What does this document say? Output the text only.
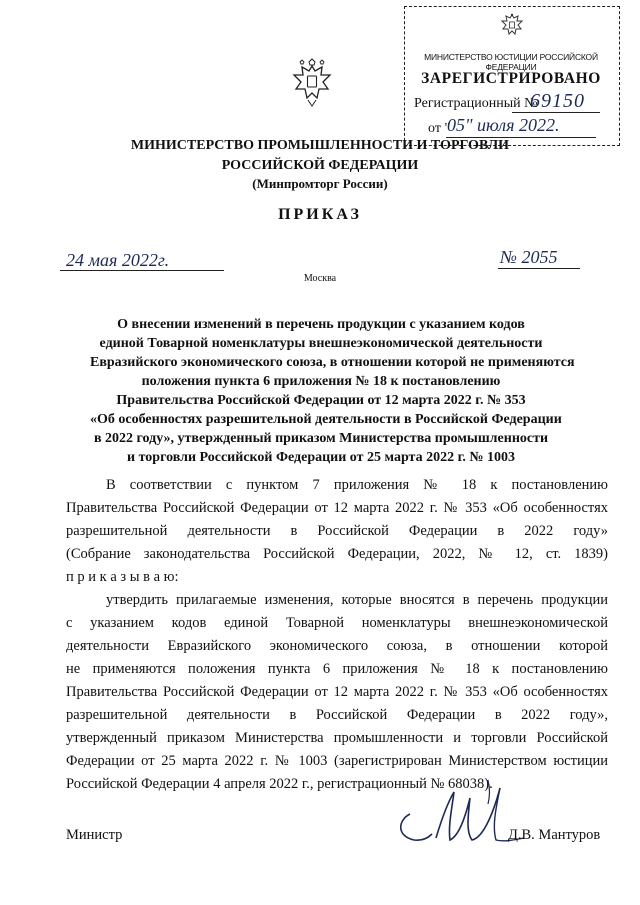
МИНИСТЕРСТВО ЮСТИЦИИ РОССИЙСКОЙ ФЕДЕРАЦИИ
ЗАРЕГИСТРИРОВАНО
Регистрационный №
69150
от "
05" июля 2022.
МИНИСТЕРСТВО ПРОМЫШЛЕННОСТИ И ТОРГОВЛИ
РОССИЙСКОЙ ФЕДЕРАЦИИ
(Минпромторг России)
ПРИКАЗ
24 мая 2022г.	№ 2055
Москва
О внесении изменений в перечень продукции с указанием кодов
единой Товарной номенклатуры внешнеэкономической деятельности
Евразийского экономического союза, в отношении которой не применяются
положения пункта 6 приложения № 18 к постановлению
Правительства Российской Федерации от 12 марта 2022 г. № 353
«Об особенностях разрешительной деятельности в Российской Федерации
в 2022 году», утвержденный приказом Министерства промышленности
и торговли Российской Федерации от 25 марта 2022 г. № 1003
В соответствии с пунктом 7 приложения № 18 к постановлению
Правительства Российской Федерации от 12 марта 2022 г. № 353 «Об особенностях
разрешительной деятельности в Российской Федерации в 2022 году»
(Собрание законодательства Российской Федерации, 2022, № 12, ст. 1839)
п р и к а з ы в а ю:
утвердить прилагаемые изменения, которые вносятся в перечень продукции
с указанием кодов единой Товарной номенклатуры внешнеэкономической
деятельности Евразийского экономического союза, в отношении которой
не применяются положения пункта 6 приложения № 18 к постановлению
Правительства Российской Федерации от 12 марта 2022 г. № 353 «Об особенностях
разрешительной деятельности в Российской Федерации в 2022 году»,
утвержденный приказом Министерства промышленности и торговли Российской
Федерации от 25 марта 2022 г. № 1003 (зарегистрирован Министерством юстиции
Российской Федерации 4 апреля 2022 г., регистрационный № 68038).
Министр	Д.В. Мантуров
